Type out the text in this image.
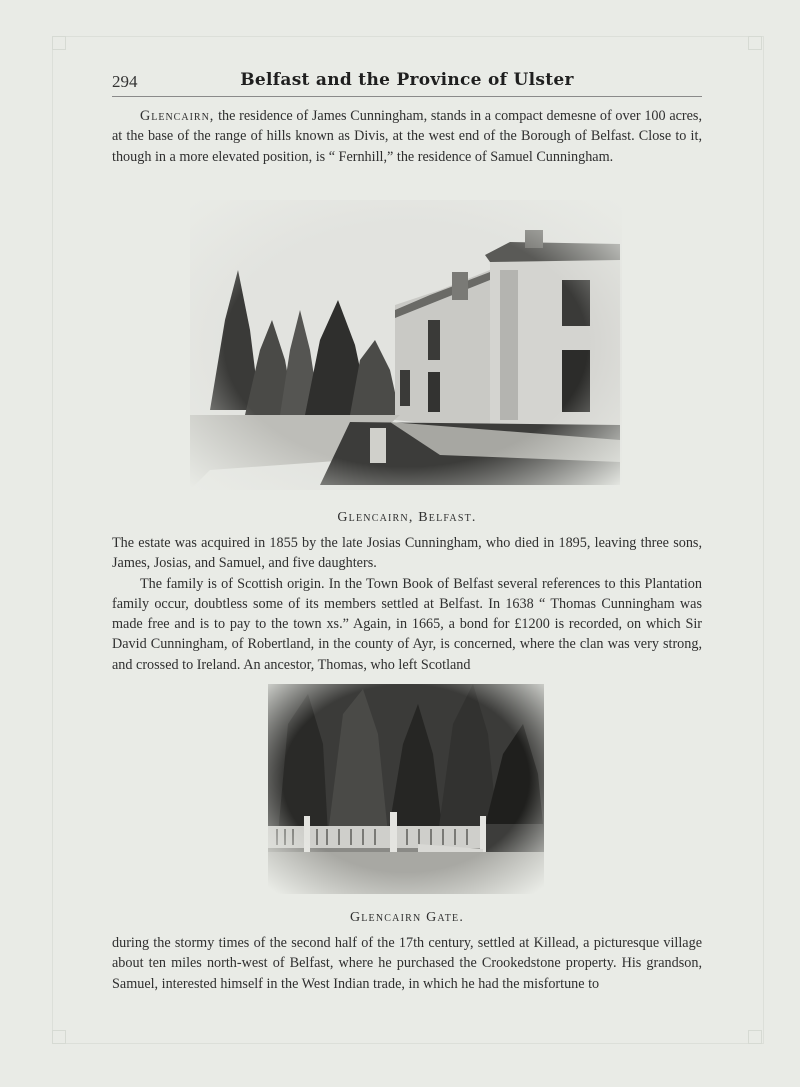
294	Belfast and the Province of Ulster

Glencairn, the residence of James Cunningham, stands in a compact demesne of over 100 acres, at the base of the range of hills known as Divis, at the west end of the Borough of Belfast. Close to it, though in a more elevated position, is “ Fernhill,” the residence of Samuel Cunningham.

Glencairn, Belfast.

The estate was acquired in 1855 by the late Josias Cunningham, who died in 1895, leaving three sons, James, Josias, and Samuel, and five daughters.

The family is of Scottish origin. In the Town Book of Belfast several references to this Plantation family occur, doubtless some of its members settled at Belfast. In 1638 “ Thomas Cunningham was made free and is to pay to the town xs.” Again, in 1665, a bond for £1200 is recorded, on which Sir David Cunningham, of Robertland, in the county of Ayr, is concerned, where the clan was very strong, and crossed to Ireland. An ancestor, Thomas, who left Scotland

Glencairn Gate.

during the stormy times of the second half of the 17th century, settled at Killead, a picturesque village about ten miles north-west of Belfast, where he purchased the Crookedstone property. His grandson, Samuel, interested himself in the West Indian trade, in which he had the misfortune to
